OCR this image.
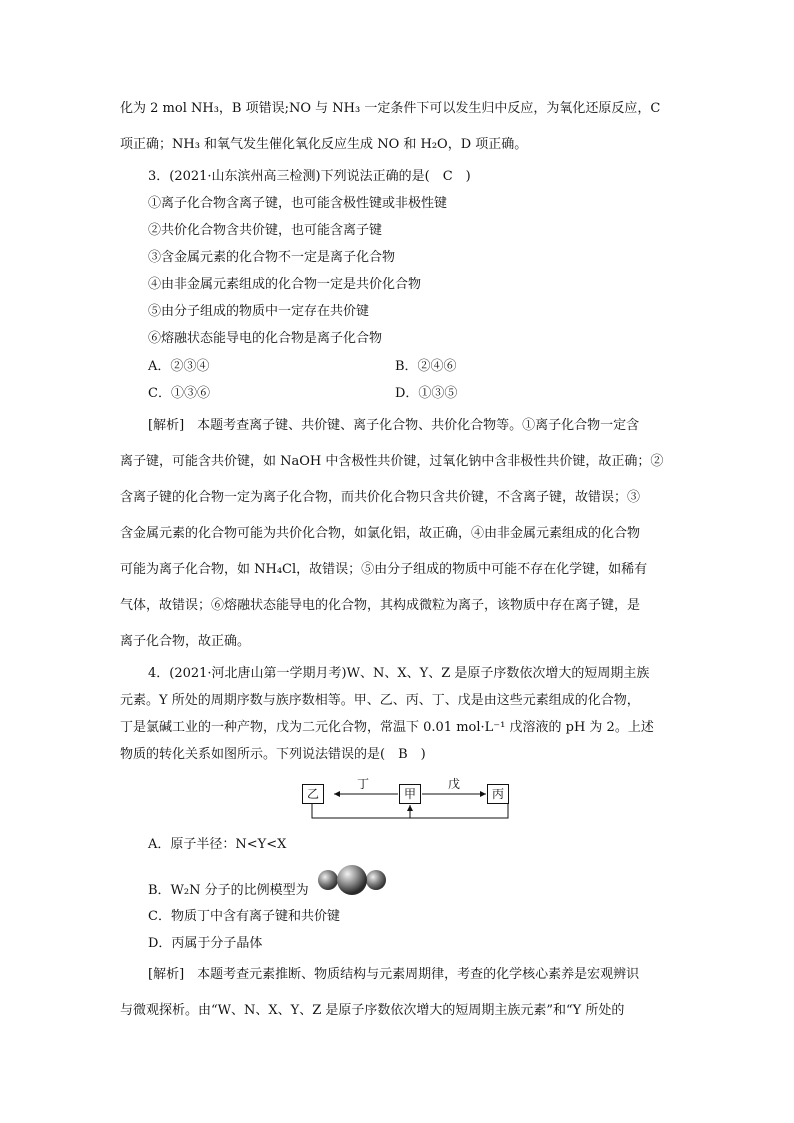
化为 2 mol NH₃，B 项错误;NO 与 NH₃ 一定条件下可以发生归中反应，为氧化还原反应，C
项正确；NH₃ 和氧气发生催化氧化反应生成 NO 和 H₂O，D 项正确。
3．(2021·山东滨州高三检测)下列说法正确的是(　C　)
①离子化合物含离子键，也可能含极性键或非极性键
②共价化合物含共价键，也可能含离子键
③含金属元素的化合物不一定是离子化合物
④由非金属元素组成的化合物一定是共价化合物
⑤由分子组成的物质中一定存在共价键
⑥熔融状态能导电的化合物是离子化合物
A．②③④	B．②④⑥
C．①③⑥	D．①③⑤
[解析]　本题考查离子键、共价键、离子化合物、共价化合物等。①离子化合物一定含
离子键，可能含共价键，如 NaOH 中含极性共价键，过氧化钠中含非极性共价键，故正确；②
含离子键的化合物一定为离子化合物，而共价化合物只含共价键，不含离子键，故错误；③
含金属元素的化合物可能为共价化合物，如氯化铝，故正确，④由非金属元素组成的化合物
可能为离子化合物，如 NH₄Cl，故错误；⑤由分子组成的物质中可能不存在化学键，如稀有
气体，故错误；⑥熔融状态能导电的化合物，其构成微粒为离子，该物质中存在离子键，是
离子化合物，故正确。
4．(2021·河北唐山第一学期月考)W、N、X、Y、Z 是原子序数依次增大的短周期主族
元素。Y 所处的周期序数与族序数相等。甲、乙、丙、丁、戊是由这些元素组成的化合物，
丁是氯碱工业的一种产物，戊为二元化合物，常温下 0.01 mol·L⁻¹ 戊溶液的 pH 为 2。上述
物质的转化关系如图所示。下列说法错误的是(　B　)
乙	甲	丙
丁	戊
A．原子半径：N<Y<X
B．W₂N 分子的比例模型为
C．物质丁中含有离子键和共价键
D．丙属于分子晶体
[解析]　本题考查元素推断、物质结构与元素周期律，考查的化学核心素养是宏观辨识
与微观探析。由“W、N、X、Y、Z 是原子序数依次增大的短周期主族元素”和“Y 所处的
